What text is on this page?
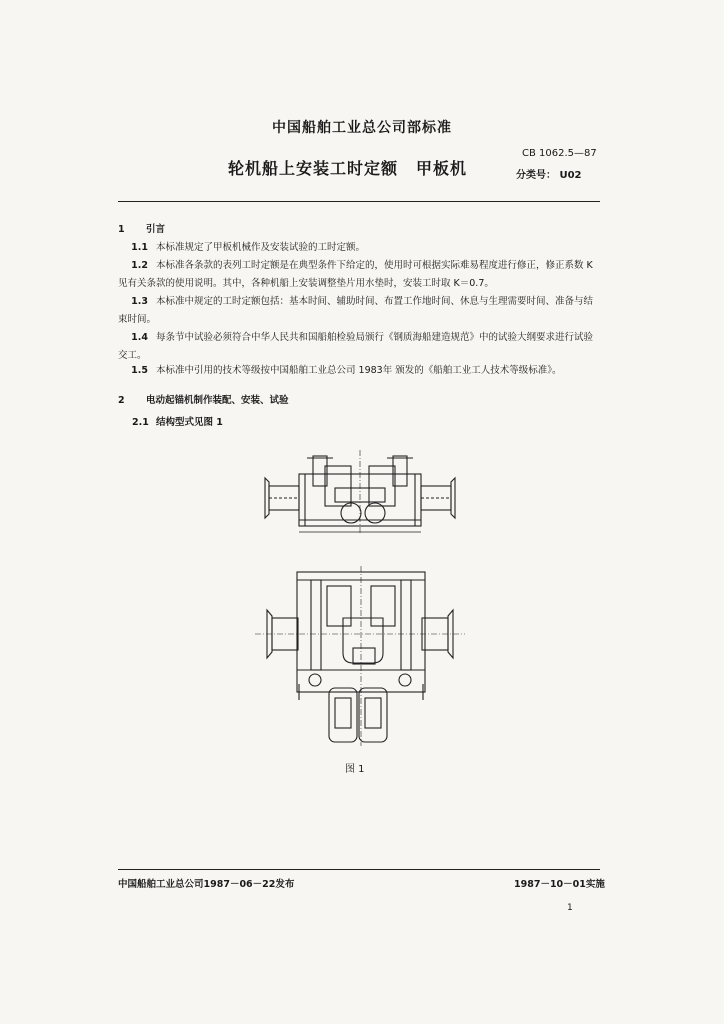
中国船舶工业总公司部标准
轮机船上安装工时定额 甲板机
CB 1062.5—87
分类号： U02
1 引言
1.1 本标准规定了甲板机械作及安装试验的工时定额。
1.2 本标准各条款的表列工时定额是在典型条件下给定的，使用时可根据实际难易程度进行修正，修正系数 K 见有关条款的使用说明。其中，各种机船上安装调整垫片用水垫时，安装工时取 K＝0.7。
1.3 本标准中规定的工时定额包括：基本时间、辅助时间、布置工作地时间、休息与生理需要时间、准备与结束时间。
1.4 每条节中试验必须符合中华人民共和国船舶检验局颁行《钢质海船建造规范》中的试验大纲要求进行试验交工。
1.5 本标准中引用的技术等级按中国船舶工业总公司 1983年 颁发的《船舶工业工人技术等级标准》。
2 电动起锚机制作装配、安装、试验
2.1 结构型式见图 1
图 1
中国船舶工业总公司1987－06－22发布	1987－10－01实施
1
